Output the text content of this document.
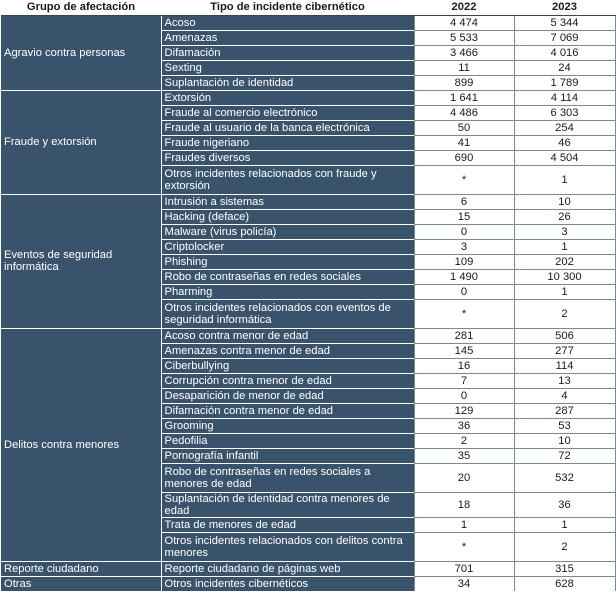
Grupo de afectación	Tipo de incidente cibernético	2022	2023
Agravio contra personas	Acoso	4 474	5 344
	Amenazas	5 533	7 069
	Difamación	3 466	4 016
	Sexting	11	24
	Suplantación de identidad	899	1 789
Fraude y extorsión	Extorsión	1 641	4 114
	Fraude al comercio electrónico	4 486	6 303
	Fraude al usuario de la banca electrónica	50	254
	Fraude nigeriano	41	46
	Fraudes diversos	690	4 504
	Otros incidentes relacionados con fraude y extorsión	*	1
Eventos de seguridad informática	Intrusión a sistemas	6	10
	Hacking (deface)	15	26
	Malware (virus policía)	0	3
	Criptolocker	3	1
	Phishing	109	202
	Robo de contraseñas en redes sociales	1 490	10 300
	Pharming	0	1
	Otros incidentes relacionados con eventos de seguridad informática	*	2
Delitos contra menores	Acoso contra menor de edad	281	506
	Amenazas contra menor de edad	145	277
	Ciberbullying	16	114
	Corrupción contra menor de edad	7	13
	Desaparición de menor de edad	0	4
	Difamación contra menor de edad	129	287
	Grooming	36	53
	Pedofilia	2	10
	Pornografía infantil	35	72
	Robo de contraseñas en redes sociales a menores de edad	20	532
	Suplantación de identidad contra menores de edad	18	36
	Trata de menores de edad	1	1
	Otros incidentes relacionados con delitos contra menores	*	2
Reporte ciudadano	Reporte ciudadano de páginas web	701	315
Otras	Otros incidentes cibernéticos	34	628
